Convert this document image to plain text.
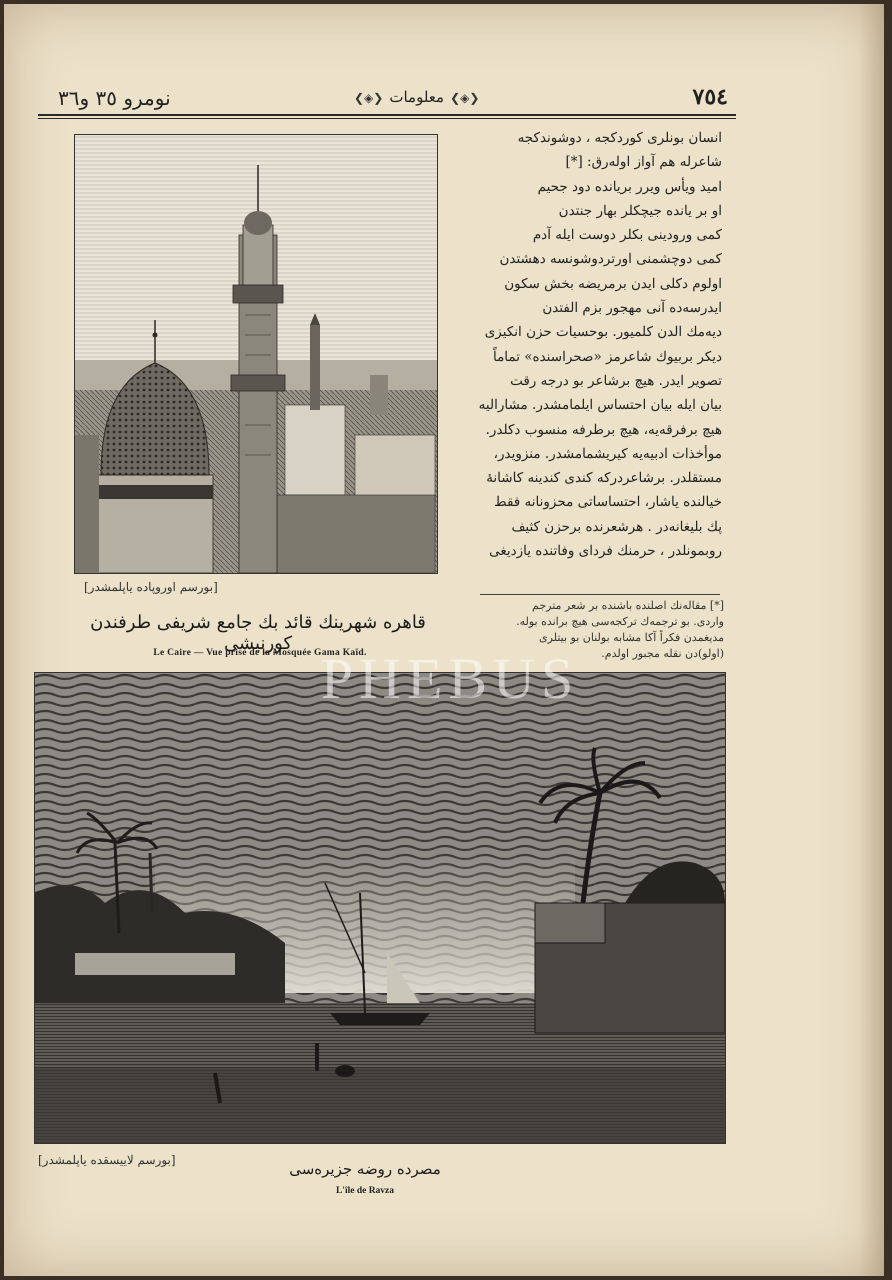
نومرو ٣٥ و٣٦	❮◈❯معلومات❮◈❯	٧٥٤
انسان بونلری کوردکجه ، دوشوندکجه
شاعرله هم آواز اوله‌رق: [*]
امید ویأس ویرر بریانده دود جحیم
او بر یانده جیچکلر بهار جنتدن
کمی ورودینی بکلر دوست ایله آدم
کمی دوچشمنی اورتردوشونسه دهشتدن
اولوم دکلی ایدن برمریضه بخش سکون
ایدرسه‌ده آنی مهجور بزم الفتدن
دیه‌مك الدن کلمیور. بوحسیات حزن انکیزی
دیکر بربیوك شاعرمز «صحراسنده» تماماً
تصویر ایدر. هیچ برشاعر بو درجه رقت
بیان ایله بیان احتساس ایلمامشدر. مشارالیه
هیچ برفرقه‌یه، هیچ برطرفه منسوب دکلدر.
موأخذات ادبیه‌یه کیریشمامشدر. منزویدر،
مستقلدر. برشاعردرکه کندی کندینه کاشانهٔ
خیالنده یاشار، احتساساتی محزونانه فقط
پك بلیغانه‌در . هرشعرنده برحزن کثیف
روبمونلدر ، حرمنك فردای وفاتنده یازدیغی
[*] مقاله‌نك اصلنده باشنده بر شعر مترجم
واردی. بو ترجمه‌ك ترکجه‌سی هیچ برانده بوله.
مدیغمدن فکراً آکا مشابه بولنان بو بیتلری
(اولو)دن نقله مجبور اولدم.
[بورسم اوروپاده یاپلمشدر]
قاهره شهرینك قائد بك جامع شریفی طرفندن کورنیشی
Le Caire — Vue prise de la Mosquée Gama Kaïd.
[بورسم لاییسقده یاپلمشدر]	مصرده روضه جزیره‌سی
L'île de Ravza
PHEBUS
